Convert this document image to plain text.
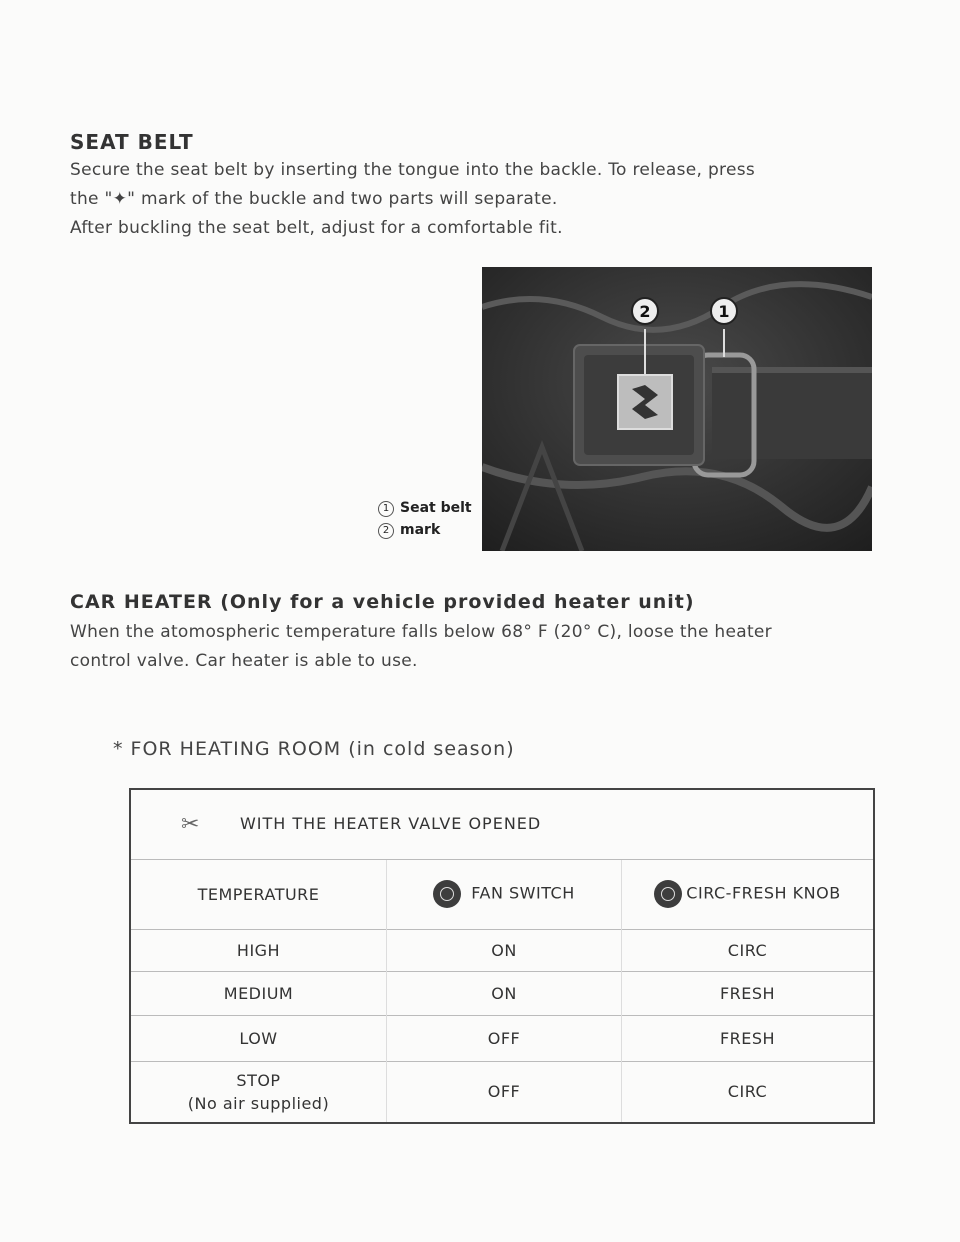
SEAT BELT
Secure the seat belt by inserting the tongue into the backle. To release, press
the "✦" mark of the buckle and two parts will separate.
After buckling the seat belt, adjust for a comfortable fit.
2	1
1 Seat belt
2 mark
CAR HEATER (Only for a vehicle provided heater unit)
When the atomospheric temperature falls below 68° F (20° C), loose the heater
control valve. Car heater is able to use.
* FOR HEATING ROOM (in cold season)
✂ WITH THE HEATER VALVE OPENED		
TEMPERATURE	FAN SWITCH	CIRC-FRESH KNOB
HIGH	ON	CIRC
MEDIUM	ON	FRESH
LOW	OFF	FRESH

STOP
(No air supplied)	OFF	CIRC
